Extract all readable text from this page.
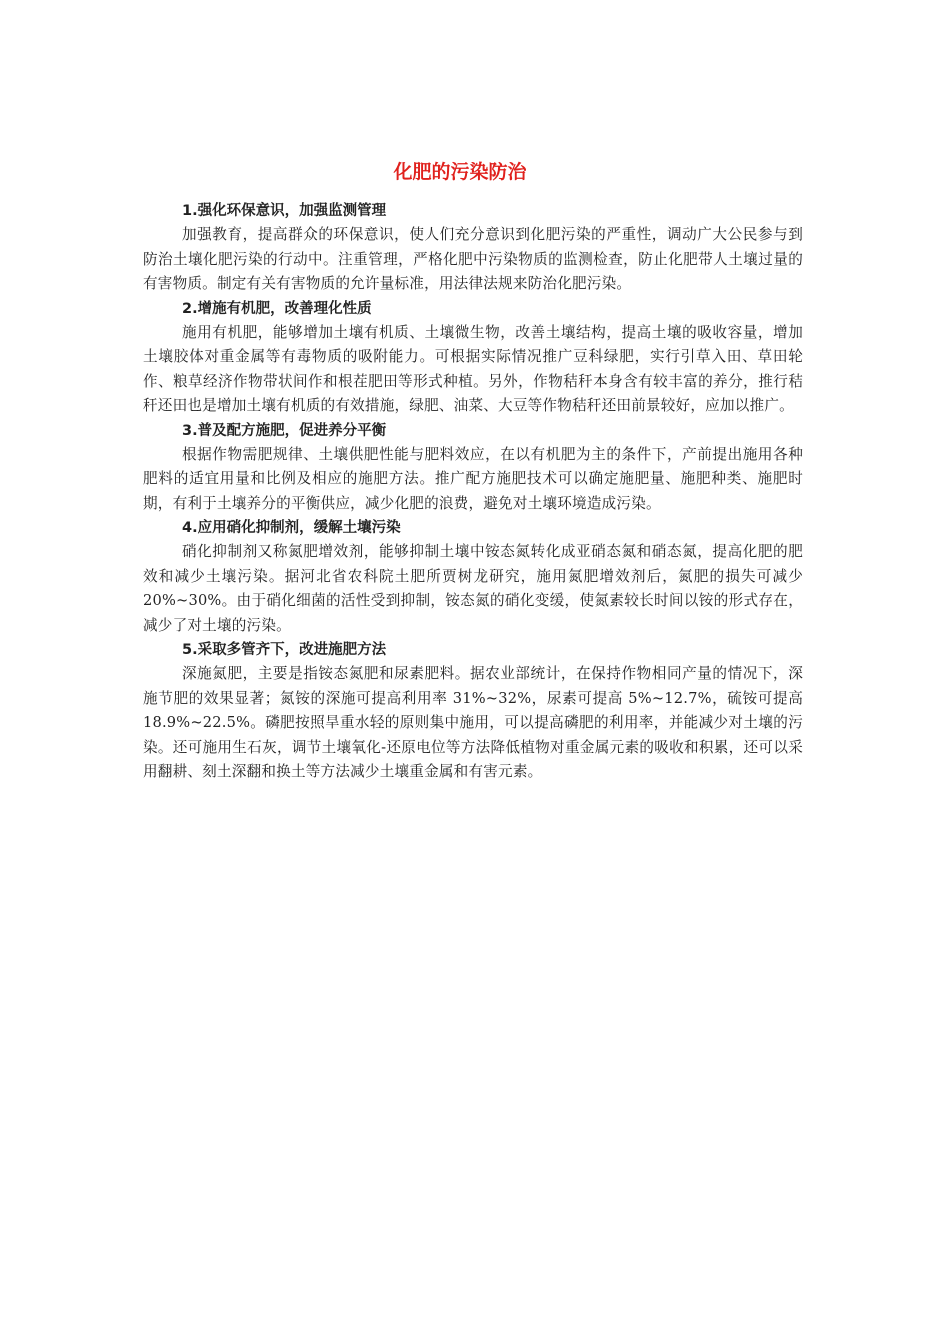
化肥的污染防治
1.强化环保意识，加强监测管理

加强教育，提高群众的环保意识，使人们充分意识到化肥污染的严重性，调动广大公民参与到防治土壤化肥污染的行动中。注重管理，严格化肥中污染物质的监测检查，防止化肥带人土壤过量的有害物质。制定有关有害物质的允许量标准，用法律法规来防治化肥污染。

2.增施有机肥，改善理化性质

施用有机肥，能够增加土壤有机质、土壤微生物，改善土壤结构，提高土壤的吸收容量，增加土壤胶体对重金属等有毒物质的吸附能力。可根据实际情况推广豆科绿肥，实行引草入田、草田轮作、粮草经济作物带状间作和根茬肥田等形式种植。另外，作物秸秆本身含有较丰富的养分，推行秸秆还田也是增加土壤有机质的有效措施，绿肥、油菜、大豆等作物秸秆还田前景较好，应加以推广。

3.普及配方施肥，促进养分平衡

根据作物需肥规律、土壤供肥性能与肥料效应，在以有机肥为主的条件下，产前提出施用各种肥料的适宜用量和比例及相应的施肥方法。推广配方施肥技术可以确定施肥量、施肥种类、施肥时期，有利于土壤养分的平衡供应，减少化肥的浪费，避免对土壤环境造成污染。

4.应用硝化抑制剂，缓解土壤污染

硝化抑制剂又称氮肥增效剂，能够抑制土壤中铵态氮转化成亚硝态氮和硝态氮，提高化肥的肥效和减少土壤污染。据河北省农科院土肥所贾树龙研究，施用氮肥增效剂后，氮肥的损失可减少 20%~30%。由于硝化细菌的活性受到抑制，铵态氮的硝化变缓，使氮素较长时间以铵的形式存在，减少了对土壤的污染。

5.采取多管齐下，改进施肥方法

深施氮肥，主要是指铵态氮肥和尿素肥料。据农业部统计，在保持作物相同产量的情况下，深施节肥的效果显著；氮铵的深施可提高利用率 31%~32%，尿素可提高 5%~12.7%，硫铵可提高 18.9%~22.5%。磷肥按照旱重水轻的原则集中施用，可以提高磷肥的利用率，并能减少对土壤的污染。还可施用生石灰，调节土壤氧化-还原电位等方法降低植物对重金属元素的吸收和积累，还可以采用翻耕、刻土深翻和换土等方法减少土壤重金属和有害元素。
